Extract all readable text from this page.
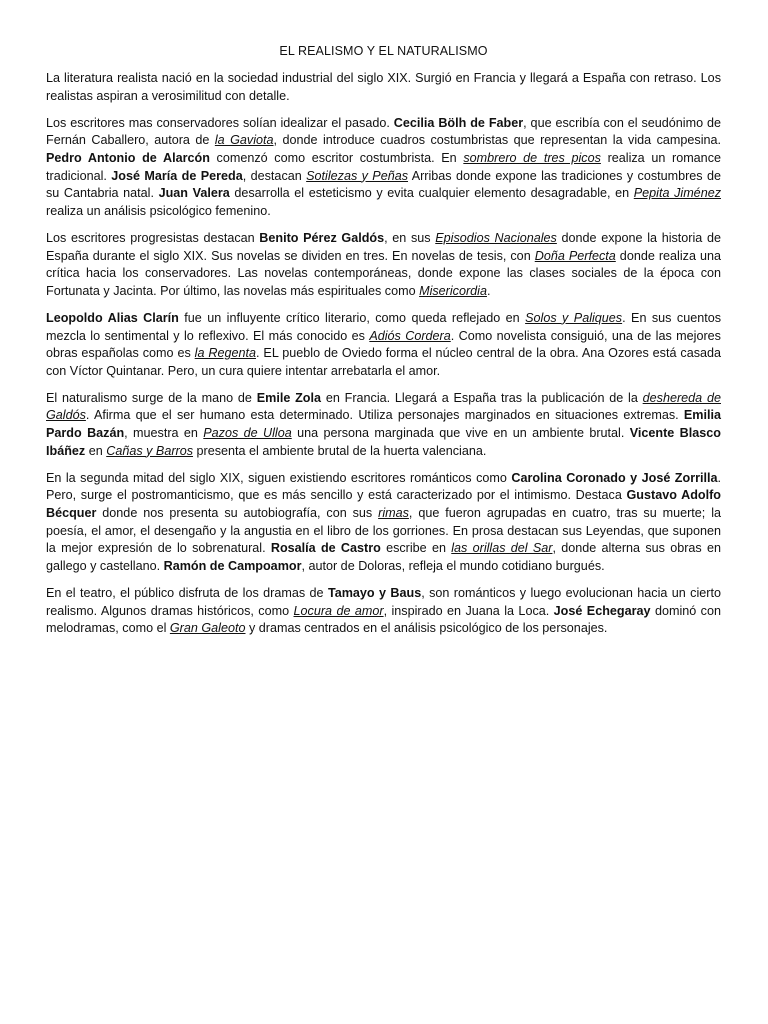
EL REALISMO Y EL NATURALISMO

La literatura realista nació en la sociedad industrial del siglo XIX. Surgió en Francia y llegará a España con retraso. Los realistas aspiran a verosimilitud con detalle.

Los escritores mas conservadores solían idealizar el pasado. Cecilia Bölh de Faber, que escribía con el seudónimo de Fernán Caballero, autora de la Gaviota, donde introduce cuadros costumbristas que representan la vida campesina. Pedro Antonio de Alarcón comenzó como escritor costumbrista. En sombrero de tres picos realiza un romance tradicional. José María de Pereda, destacan Sotilezas y Peñas Arribas donde expone las tradiciones y costumbres de su Cantabria natal. Juan Valera desarrolla el esteticismo y evita cualquier elemento desagradable, en Pepita Jiménez realiza un análisis psicológico femenino.

Los escritores progresistas destacan Benito Pérez Galdós, en sus Episodios Nacionales donde expone la historia de España durante el siglo XIX. Sus novelas se dividen en tres. En novelas de tesis, con Doña Perfecta donde realiza una crítica hacia los conservadores. Las novelas contemporáneas, donde expone las clases sociales de la época con Fortunata y Jacinta. Por último, las novelas más espirituales como Misericordia.

Leopoldo Alias Clarín fue un influyente crítico literario, como queda reflejado en Solos y Paliques. En sus cuentos mezcla lo sentimental y lo reflexivo. El más conocido es Adiós Cordera. Como novelista consiguió, una de las mejores obras españolas como es la Regenta. EL pueblo de Oviedo forma el núcleo central de la obra. Ana Ozores está casada con Víctor Quintanar. Pero, un cura quiere intentar arrebatarla el amor.

El naturalismo surge de la mano de Emile Zola en Francia. Llegará a España tras la publicación de la deshereda de Galdós. Afirma que el ser humano esta determinado. Utiliza personajes marginados en situaciones extremas. Emilia Pardo Bazán, muestra en Pazos de Ulloa una persona marginada que vive en un ambiente brutal. Vicente Blasco Ibáñez en Cañas y Barros presenta el ambiente brutal de la huerta valenciana.

En la segunda mitad del siglo XIX, siguen existiendo escritores románticos como Carolina Coronado y José Zorrilla. Pero, surge el postromanticismo, que es más sencillo y está caracterizado por el intimismo. Destaca Gustavo Adolfo Bécquer donde nos presenta su autobiografía, con sus rimas, que fueron agrupadas en cuatro, tras su muerte; la poesía, el amor, el desengaño y la angustia en el libro de los gorriones. En prosa destacan sus Leyendas, que suponen la mejor expresión de lo sobrenatural. Rosalía de Castro escribe en las orillas del Sar, donde alterna sus obras en gallego y castellano. Ramón de Campoamor, autor de Doloras, refleja el mundo cotidiano burgués.

En el teatro, el público disfruta de los dramas de Tamayo y Baus, son románticos y luego evolucionan hacia un cierto realismo. Algunos dramas históricos, como Locura de amor, inspirado en Juana la Loca. José Echegaray dominó con melodramas, como el Gran Galeoto y dramas centrados en el análisis psicológico de los personajes.
